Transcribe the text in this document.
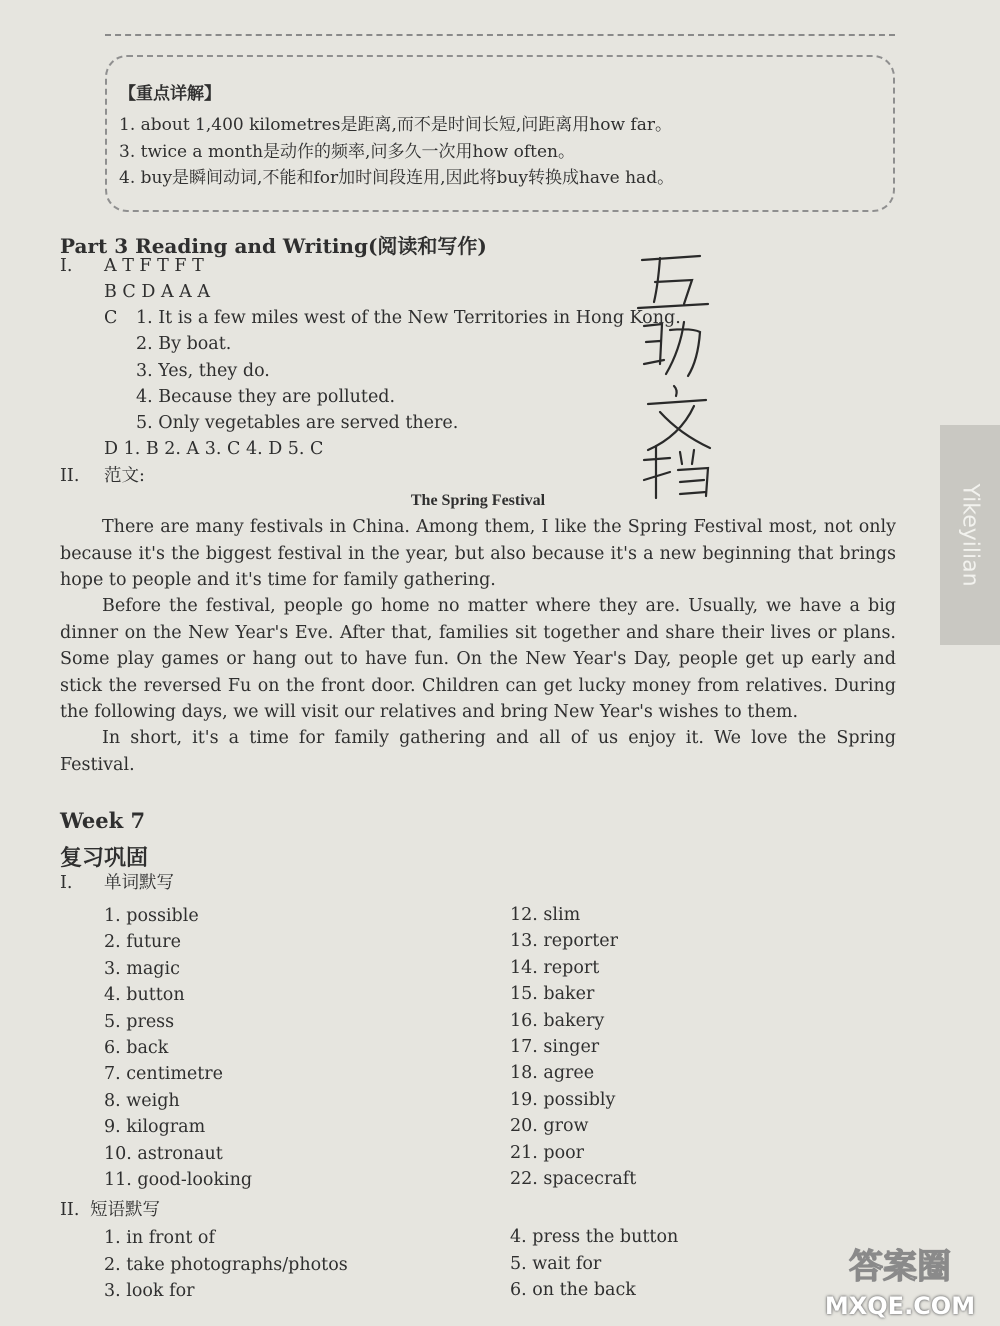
【重点详解】
1. about 1,400 kilometres是距离,而不是时间长短,问距离用how far。
3. twice a month是动作的频率,问多久一次用how often。
4. buy是瞬间动词,不能和for加时间段连用,因此将buy转换成have had。
Part 3 Reading and Writing(阅读和写作)
I. A T F T F T
B C D A A A
C 1. It is a few miles west of the New Territories in Hong Kong.
2. By boat.
3. Yes, they do.
4. Because they are polluted.
5. Only vegetables are served there.
D 1. B 2. A 3. C 4. D 5. C
II. 范文:
The Spring Festival
There are many festivals in China. Among them, I like the Spring Festival most, not only because it's the biggest festival in the year, but also because it's a new beginning that brings hope to people and it's time for family gathering.
Before the festival, people go home no matter where they are. Usually, we have a big dinner on the New Year's Eve. After that, families sit together and share their lives or plans. Some play games or hang out to have fun. On the New Year's Day, people get up early and stick the reversed Fu on the front door. Children can get lucky money from relatives. During the following days, we will visit our relatives and bring New Year's wishes to them.
In short, it's a time for family gathering and all of us enjoy it. We love the Spring Festival.
Week 7
复习巩固
I. 单词默写
1. possible
2. future
3. magic
4. button
5. press
6. back
7. centimetre
8. weigh
9. kilogram
10. astronaut
11. good-looking
12. slim
13. reporter
14. report
15. baker
16. bakery
17. singer
18. agree
19. possibly
20. grow
21. poor
22. spacecraft
II. 短语默写
1. in front of
2. take photographs/photos
3. look for
4. press the button
5. wait for
6. on the back
Yikeyilian
答案圈
MXQE.COM
